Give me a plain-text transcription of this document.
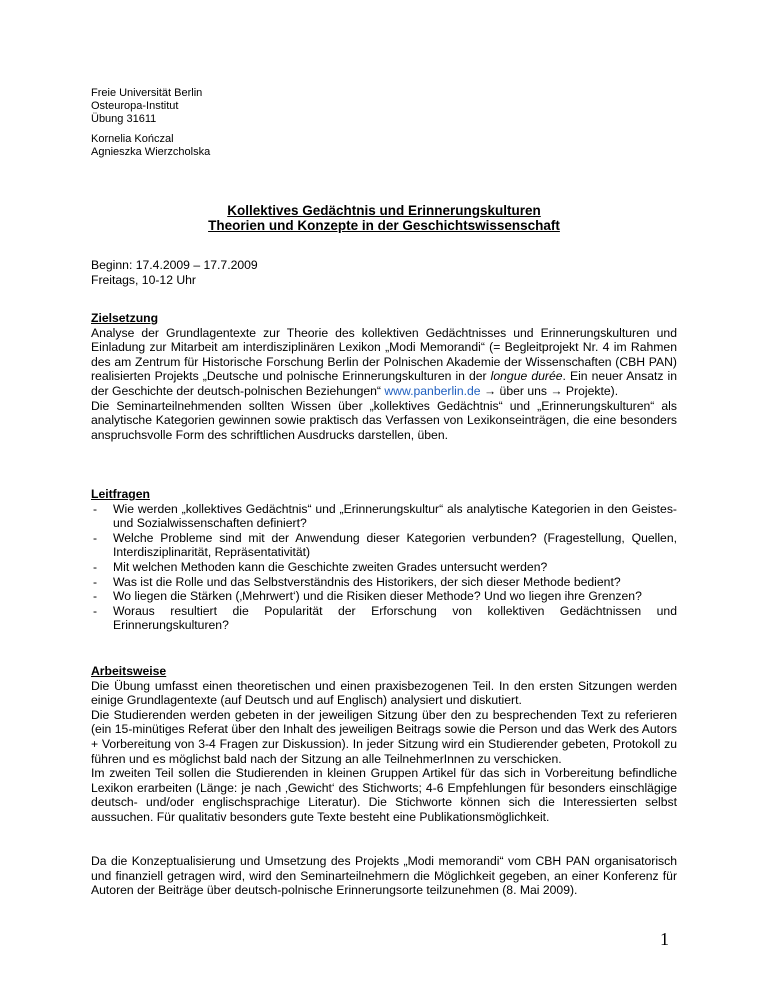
Freie Universität Berlin
Osteuropa-Institut
Übung 31611
Kornelia Kończal
Agnieszka Wierzcholska
Kollektives Gedächtnis und Erinnerungskulturen
Theorien und Konzepte in der Geschichtswissenschaft
Beginn: 17.4.2009 – 17.7.2009
Freitags, 10-12 Uhr
Zielsetzung

Analyse der Grundlagentexte zur Theorie des kollektiven Gedächtnisses und Erinnerungskulturen und Einladung zur Mitarbeit am interdisziplinären Lexikon „Modi Memorandi“ (= Begleitprojekt Nr. 4 im Rahmen des am Zentrum für Historische Forschung Berlin der Polnischen Akademie der Wissenschaften (CBH PAN) realisierten Projekts „Deutsche und polnische Erinnerungskulturen in der longue durée. Ein neuer Ansatz in der Geschichte der deutsch-polnischen Beziehungen“ www.panberlin.de → über uns → Projekte).

Die Seminarteilnehmenden sollten Wissen über „kollektives Gedächtnis“ und „Erinnerungskulturen“ als analytische Kategorien gewinnen sowie praktisch das Verfassen von Lexikonseinträgen, die eine besonders anspruchsvolle Form des schriftlichen Ausdrucks darstellen, üben.

Leitfragen
- Wie werden „kollektives Gedächtnis“ und „Erinnerungskultur“ als analytische Kategorien in den Geistes- und Sozialwissenschaften definiert?
- Welche Probleme sind mit der Anwendung dieser Kategorien verbunden? (Fragestellung, Quellen, Interdisziplinarität, Repräsentativität)
- Mit welchen Methoden kann die Geschichte zweiten Grades untersucht werden?
- Was ist die Rolle und das Selbstverständnis des Historikers, der sich dieser Methode bedient?
- Wo liegen die Stärken (‚Mehrwert‘) und die Risiken dieser Methode? Und wo liegen ihre Grenzen?
- Woraus resultiert die Popularität der Erforschung von kollektiven Gedächtnissen und Erinnerungskulturen?
Arbeitsweise

Die Übung umfasst einen theoretischen und einen praxisbezogenen Teil. In den ersten Sitzungen werden einige Grundlagentexte (auf Deutsch und auf Englisch) analysiert und diskutiert.

Die Studierenden werden gebeten in der jeweiligen Sitzung über den zu besprechenden Text zu referieren (ein 15-minütiges Referat über den Inhalt des jeweiligen Beitrags sowie die Person und das Werk des Autors + Vorbereitung von 3-4 Fragen zur Diskussion). In jeder Sitzung wird ein Studierender gebeten, Protokoll zu führen und es möglichst bald nach der Sitzung an alle TeilnehmerInnen zu verschicken.

Im zweiten Teil sollen die Studierenden in kleinen Gruppen Artikel für das sich in Vorbereitung befindliche Lexikon erarbeiten (Länge: je nach ‚Gewicht‘ des Stichworts; 4-6 Empfehlungen für besonders einschlägige deutsch- und/oder englischsprachige Literatur). Die Stichworte können sich die Interessierten selbst aussuchen. Für qualitativ besonders gute Texte besteht eine Publikationsmöglichkeit.

Da die Konzeptualisierung und Umsetzung des Projekts „Modi memorandi“ vom CBH PAN organisatorisch und finanziell getragen wird, wird den Seminarteilnehmern die Möglichkeit gegeben, an einer Konferenz für Autoren der Beiträge über deutsch-polnische Erinnerungsorte teilzunehmen (8. Mai 2009).

1
